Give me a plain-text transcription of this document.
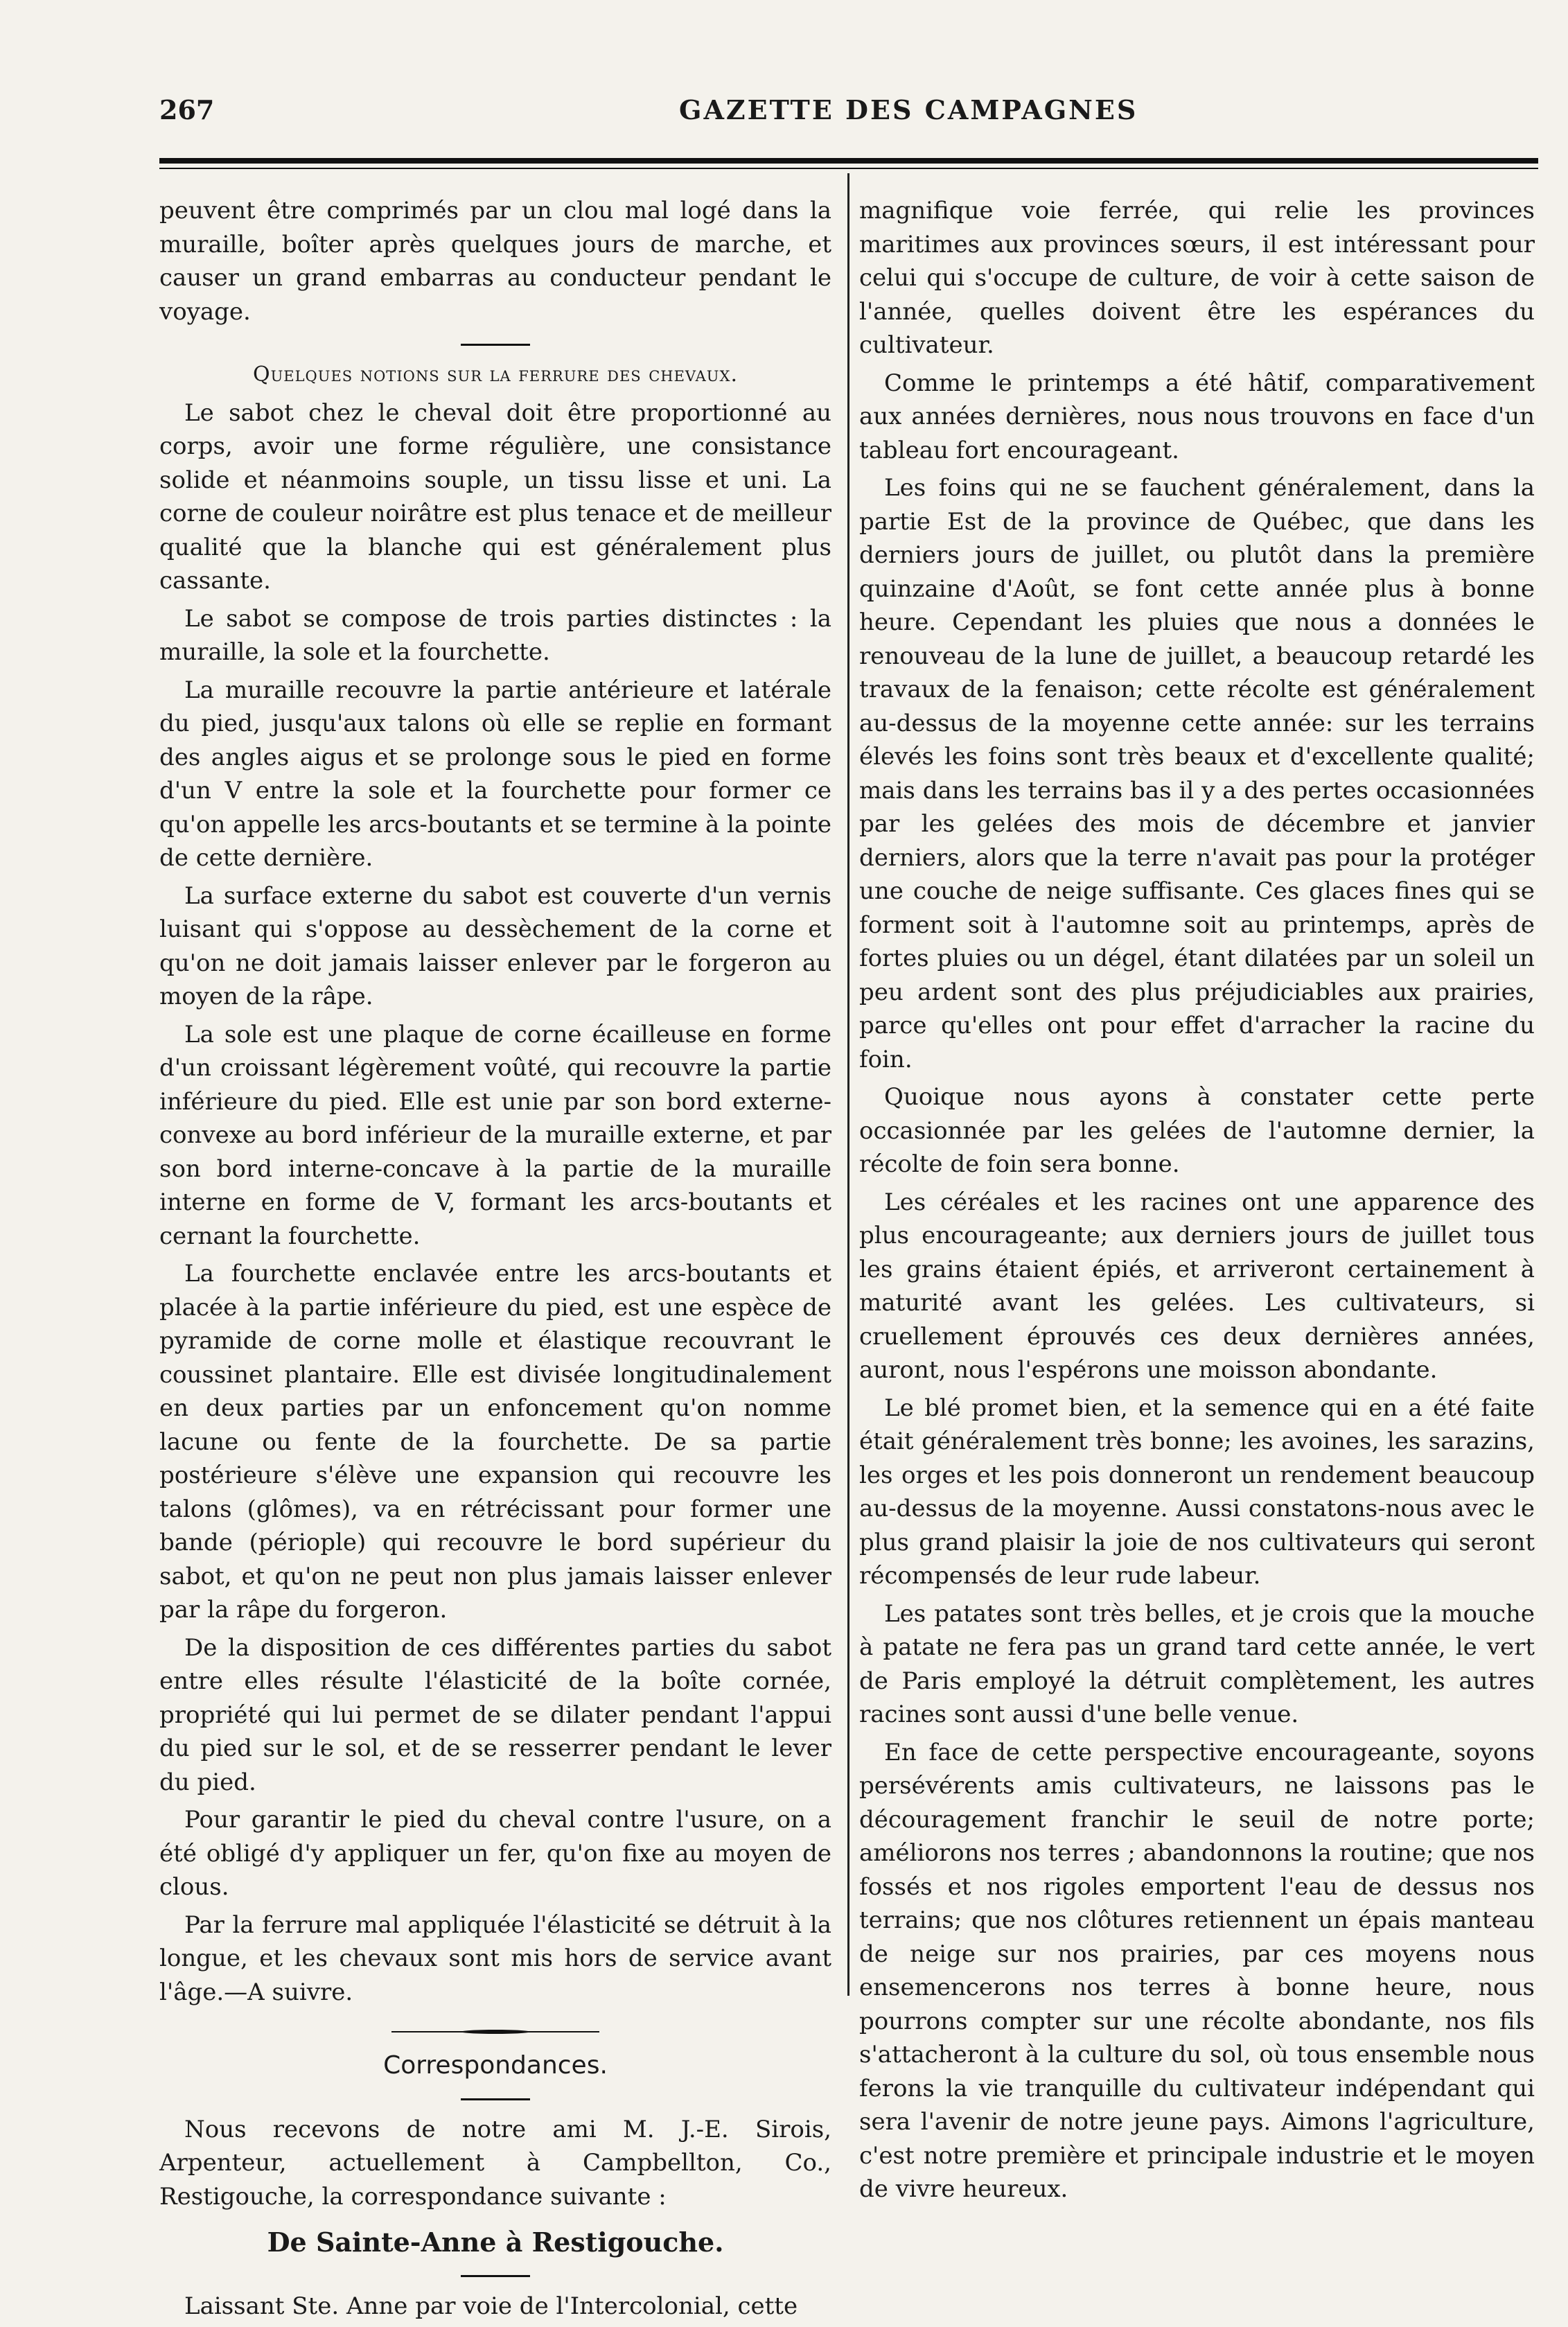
267	GAZETTE DES CAMPAGNES

peuvent être comprimés par un clou mal logé dans la muraille, boîter après quelques jours de marche, et causer un grand embarras au conducteur pendant le voyage.

Quelques notions sur la ferrure des chevaux.

Le sabot chez le cheval doit être proportionné au corps, avoir une forme régulière, une consistance solide et néanmoins souple, un tissu lisse et uni. La corne de couleur noirâtre est plus tenace et de meilleur qualité que la blanche qui est généralement plus cassante.

Le sabot se compose de trois parties distinctes : la muraille, la sole et la fourchette.

La muraille recouvre la partie antérieure et latérale du pied, jusqu'aux talons où elle se replie en formant des angles aigus et se prolonge sous le pied en forme d'un V entre la sole et la fourchette pour former ce qu'on appelle les arcs-boutants et se termine à la pointe de cette dernière.

La surface externe du sabot est couverte d'un vernis luisant qui s'oppose au dessèchement de la corne et qu'on ne doit jamais laisser enlever par le forgeron au moyen de la râpe.

La sole est une plaque de corne écailleuse en forme d'un croissant légèrement voûté, qui recouvre la partie inférieure du pied. Elle est unie par son bord externe-convexe au bord inférieur de la muraille externe, et par son bord interne-concave à la partie de la muraille interne en forme de V, formant les arcs-boutants et cernant la fourchette.

La fourchette enclavée entre les arcs-boutants et placée à la partie inférieure du pied, est une espèce de pyramide de corne molle et élastique recouvrant le coussinet plantaire. Elle est divisée longitudinalement en deux parties par un enfoncement qu'on nomme lacune ou fente de la fourchette. De sa partie postérieure s'élève une expansion qui recouvre les talons (glômes), va en rétrécissant pour former une bande (périople) qui recouvre le bord supérieur du sabot, et qu'on ne peut non plus jamais laisser enlever par la râpe du forgeron.

De la disposition de ces différentes parties du sabot entre elles résulte l'élasticité de la boîte cornée, propriété qui lui permet de se dilater pendant l'appui du pied sur le sol, et de se resserrer pendant le lever du pied.

Pour garantir le pied du cheval contre l'usure, on a été obligé d'y appliquer un fer, qu'on fixe au moyen de clous.

Par la ferrure mal appliquée l'élasticité se détruit à la longue, et les chevaux sont mis hors de service avant l'âge.—A suivre.

Correspondances.

Nous recevons de notre ami M. J.-E. Sirois, Arpenteur, actuellement à Campbellton, Co., Restigouche, la correspondance suivante :

De Sainte-Anne à Restigouche.

Laissant Ste. Anne par voie de l'Intercolonial, cette

magnifique voie ferrée, qui relie les provinces maritimes aux provinces sœurs, il est intéressant pour celui qui s'occupe de culture, de voir à cette saison de l'année, quelles doivent être les espérances du cultivateur.

Comme le printemps a été hâtif, comparativement aux années dernières, nous nous trouvons en face d'un tableau fort encourageant.

Les foins qui ne se fauchent généralement, dans la partie Est de la province de Québec, que dans les derniers jours de juillet, ou plutôt dans la première quinzaine d'Août, se font cette année plus à bonne heure. Cependant les pluies que nous a données le renouveau de la lune de juillet, a beaucoup retardé les travaux de la fenaison; cette récolte est généralement au-dessus de la moyenne cette année: sur les terrains élevés les foins sont très beaux et d'excellente qualité; mais dans les terrains bas il y a des pertes occasionnées par les gelées des mois de décembre et janvier derniers, alors que la terre n'avait pas pour la protéger une couche de neige suffisante. Ces glaces fines qui se forment soit à l'automne soit au printemps, après de fortes pluies ou un dégel, étant dilatées par un soleil un peu ardent sont des plus préjudiciables aux prairies, parce qu'elles ont pour effet d'arracher la racine du foin.

Quoique nous ayons à constater cette perte occasionnée par les gelées de l'automne dernier, la récolte de foin sera bonne.

Les céréales et les racines ont une apparence des plus encourageante; aux derniers jours de juillet tous les grains étaient épiés, et arriveront certainement à maturité avant les gelées. Les cultivateurs, si cruellement éprouvés ces deux dernières années, auront, nous l'espérons une moisson abondante.

Le blé promet bien, et la semence qui en a été faite était généralement très bonne; les avoines, les sarazins, les orges et les pois donneront un rendement beaucoup au-dessus de la moyenne. Aussi constatons-nous avec le plus grand plaisir la joie de nos cultivateurs qui seront récompensés de leur rude labeur.

Les patates sont très belles, et je crois que la mouche à patate ne fera pas un grand tard cette année, le vert de Paris employé la détruit complètement, les autres racines sont aussi d'une belle venue.

En face de cette perspective encourageante, soyons persévérents amis cultivateurs, ne laissons pas le découragement franchir le seuil de notre porte; améliorons nos terres ; abandonnons la routine; que nos fossés et nos rigoles emportent l'eau de dessus nos terrains; que nos clôtures retiennent un épais manteau de neige sur nos prairies, par ces moyens nous ensemencerons nos terres à bonne heure, nous pourrons compter sur une récolte abondante, nos fils s'attacheront à la culture du sol, où tous ensemble nous ferons la vie tranquille du cultivateur indépendant qui sera l'avenir de notre jeune pays. Aimons l'agriculture, c'est notre première et principale industrie et le moyen de vivre heureux.
